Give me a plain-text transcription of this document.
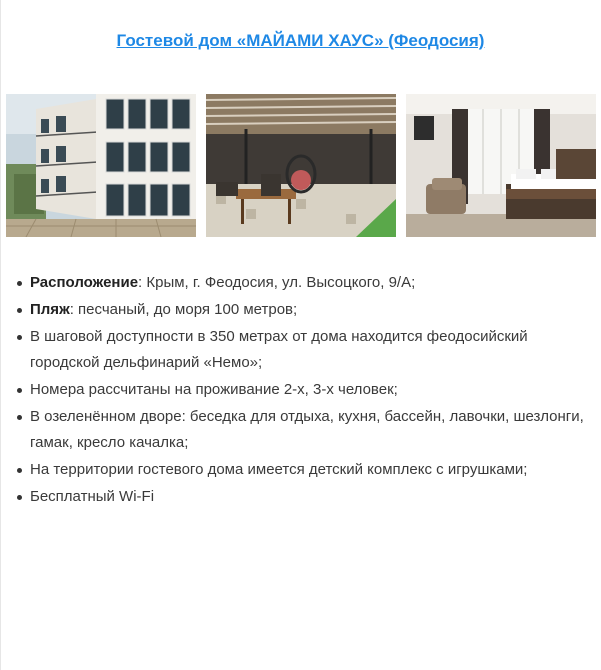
Гостевой дом «МАЙАМИ ХАУС» (Феодосия)
Расположение: Крым, г. Феодосия, ул. Высоцкого, 9/А;
Пляж: песчаный, до моря 100 метров;
В шаговой доступности в 350 метрах от дома находится феодосийский городской дельфинарий «Немо»;
Номера рассчитаны на проживание 2-х, 3-х человек;
В озеленённом дворе: беседка для отдыха, кухня, бассейн, лавочки, шезлонги, гамак, кресло качалка;
На территории гостевого дома имеется детский комплекс с игрушками;
Бесплатный Wi-Fi
